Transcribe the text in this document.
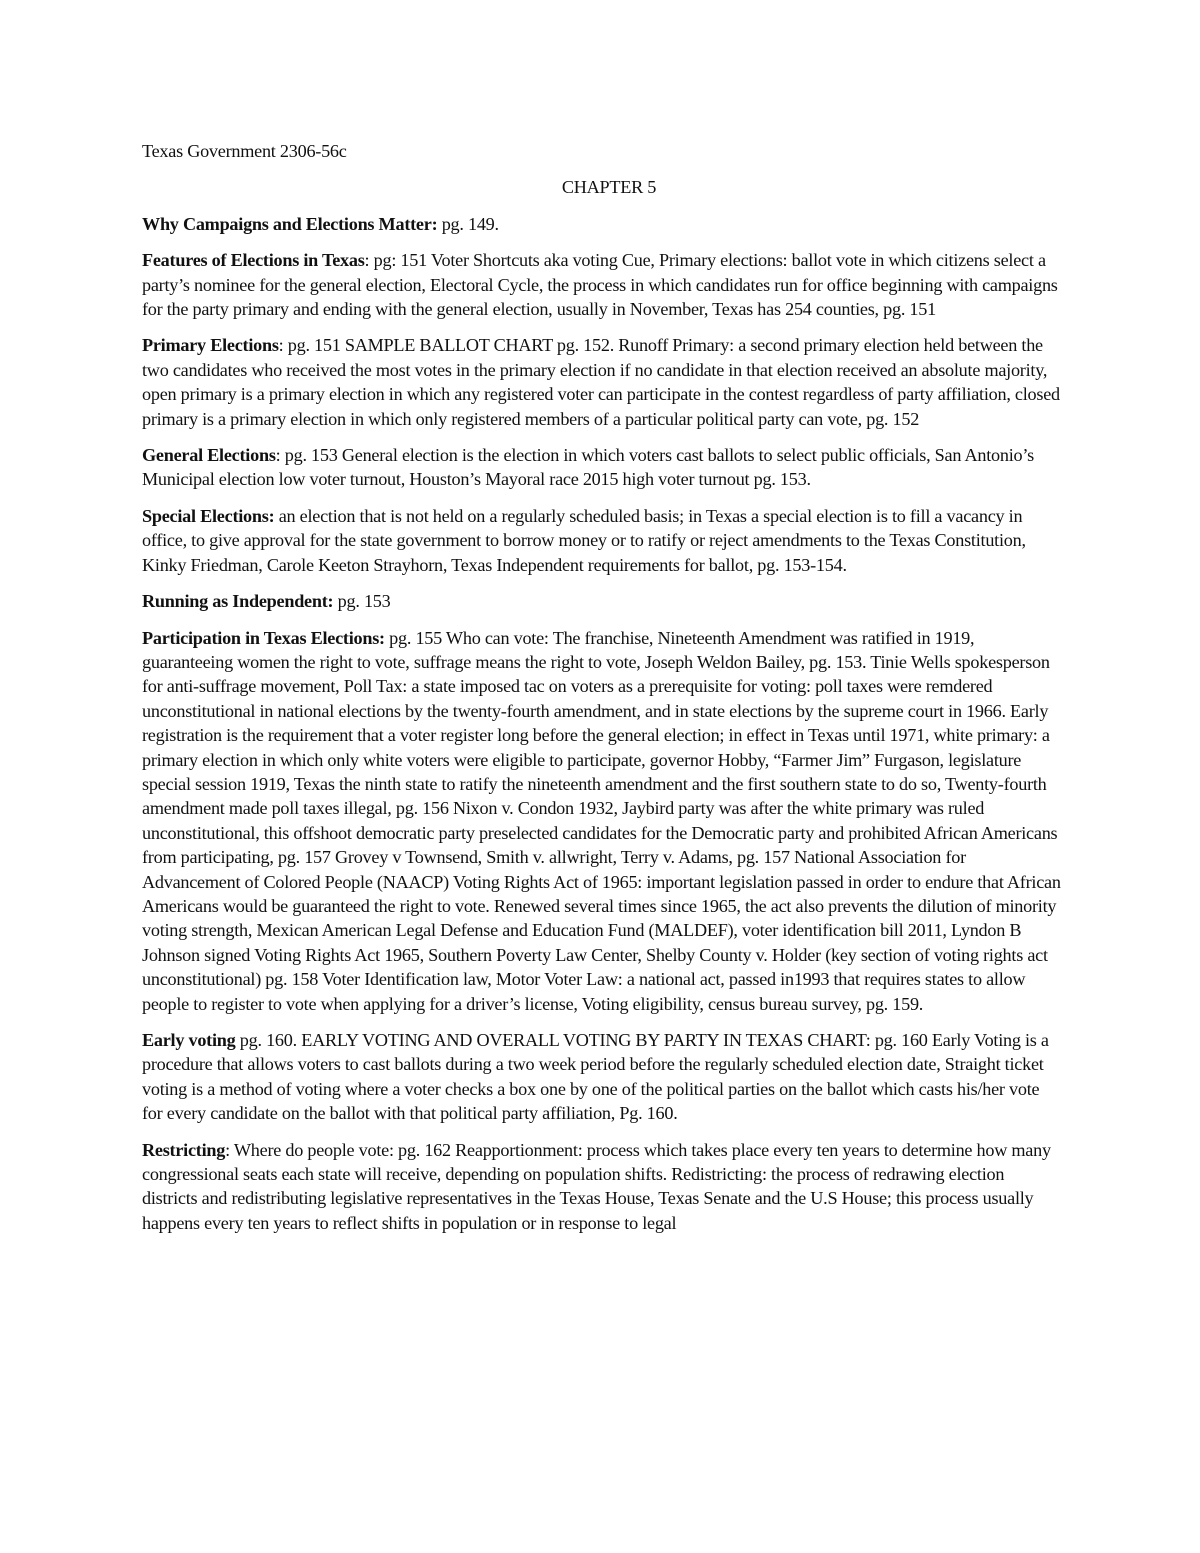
Texas Government 2306-56c

CHAPTER 5

Why Campaigns and Elections Matter: pg. 149.

Features of Elections in Texas: pg: 151 Voter Shortcuts aka voting Cue, Primary elections: ballot vote in which citizens select a party’s nominee for the general election, Electoral Cycle, the process in which candidates run for office beginning with campaigns for the party primary and ending with the general election, usually in November, Texas has 254 counties, pg. 151

Primary Elections: pg. 151 SAMPLE BALLOT CHART pg. 152. Runoff Primary: a second primary election held between the two candidates who received the most votes in the primary election if no candidate in that election received an absolute majority, open primary is a primary election in which any registered voter can participate in the contest regardless of party affiliation, closed primary is a primary election in which only registered members of a particular political party can vote, pg. 152

General Elections: pg. 153 General election is the election in which voters cast ballots to select public officials, San Antonio’s Municipal election low voter turnout, Houston’s Mayoral race 2015 high voter turnout pg. 153.

Special Elections: an election that is not held on a regularly scheduled basis; in Texas a special election is to fill a vacancy in office, to give approval for the state government to borrow money or to ratify or reject amendments to the Texas Constitution, Kinky Friedman, Carole Keeton Strayhorn, Texas Independent requirements for ballot, pg. 153-154.

Running as Independent: pg. 153

Participation in Texas Elections: pg. 155 Who can vote: The franchise, Nineteenth Amendment was ratified in 1919, guaranteeing women the right to vote, suffrage means the right to vote, Joseph Weldon Bailey, pg. 153. Tinie Wells spokesperson for anti-suffrage movement, Poll Tax: a state imposed tac on voters as a prerequisite for voting: poll taxes were remdered unconstitutional in national elections by the twenty-fourth amendment, and in state elections by the supreme court in 1966. Early registration is the requirement that a voter register long before the general election; in effect in Texas until 1971, white primary: a primary election in which only white voters were eligible to participate, governor Hobby, “Farmer Jim” Furgason, legislature special session 1919, Texas the ninth state to ratify the nineteenth amendment and the first southern state to do so, Twenty-fourth amendment made poll taxes illegal, pg. 156 Nixon v. Condon 1932, Jaybird party was after the white primary was ruled unconstitutional, this offshoot democratic party preselected candidates for the Democratic party and prohibited African Americans from participating, pg. 157 Grovey v Townsend, Smith v. allwright, Terry v. Adams, pg. 157 National Association for Advancement of Colored People (NAACP) Voting Rights Act of 1965: important legislation passed in order to endure that African Americans would be guaranteed the right to vote. Renewed several times since 1965, the act also prevents the dilution of minority voting strength, Mexican American Legal Defense and Education Fund (MALDEF), voter identification bill 2011, Lyndon B Johnson signed Voting Rights Act 1965, Southern Poverty Law Center, Shelby County v. Holder (key section of voting rights act unconstitutional) pg. 158 Voter Identification law, Motor Voter Law: a national act, passed in1993 that requires states to allow people to register to vote when applying for a driver’s license, Voting eligibility, census bureau survey, pg. 159.

Early voting pg. 160. EARLY VOTING AND OVERALL VOTING BY PARTY IN TEXAS CHART: pg. 160 Early Voting is a procedure that allows voters to cast ballots during a two week period before the regularly scheduled election date, Straight ticket voting is a method of voting where a voter checks a box one by one of the political parties on the ballot which casts his/her vote for every candidate on the ballot with that political party affiliation, Pg. 160.

Restricting: Where do people vote: pg. 162 Reapportionment: process which takes place every ten years to determine how many congressional seats each state will receive, depending on population shifts. Redistricting: the process of redrawing election districts and redistributing legislative representatives in the Texas House, Texas Senate and the U.S House; this process usually happens every ten years to reflect shifts in population or in response to legal
